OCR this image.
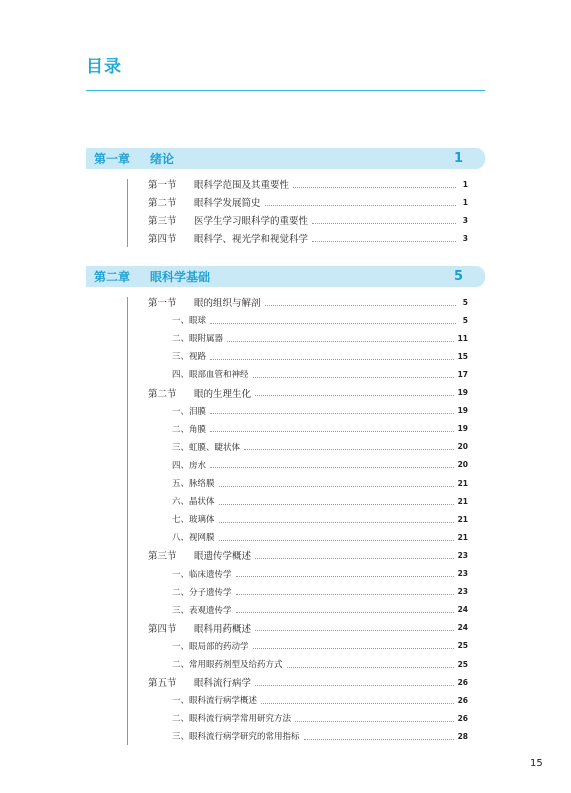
目录
第一章	绪论	1
第一节	眼科学范围及其重要性	1
第二节	眼科学发展简史	1
第三节	医学生学习眼科学的重要性	3
第四节	眼科学、视光学和视觉科学	3
第二章	眼科学基础	5
第一节	眼的组织与解剖	5
一、 眼球	5
二、 眼附属器	11
三、 视路	15
四、 眼部血管和神经	17
第二节	眼的生理生化	19
一、 泪膜	19
二、 角膜	19
三、 虹膜、睫状体	20
四、 房水	20
五、 脉络膜	21
六、 晶状体	21
七、 玻璃体	21
八、 视网膜	21
第三节	眼遗传学概述	23
一、 临床遗传学	23
二、 分子遗传学	23
三、 表观遗传学	24
第四节	眼科用药概述	24
一、 眼局部的药动学	25
二、 常用眼药剂型及给药方式	25
第五节	眼科流行病学	26
一、 眼科流行病学概述	26
二、 眼科流行病学常用研究方法	26
三、 眼科流行病学研究的常用指标	28
15
